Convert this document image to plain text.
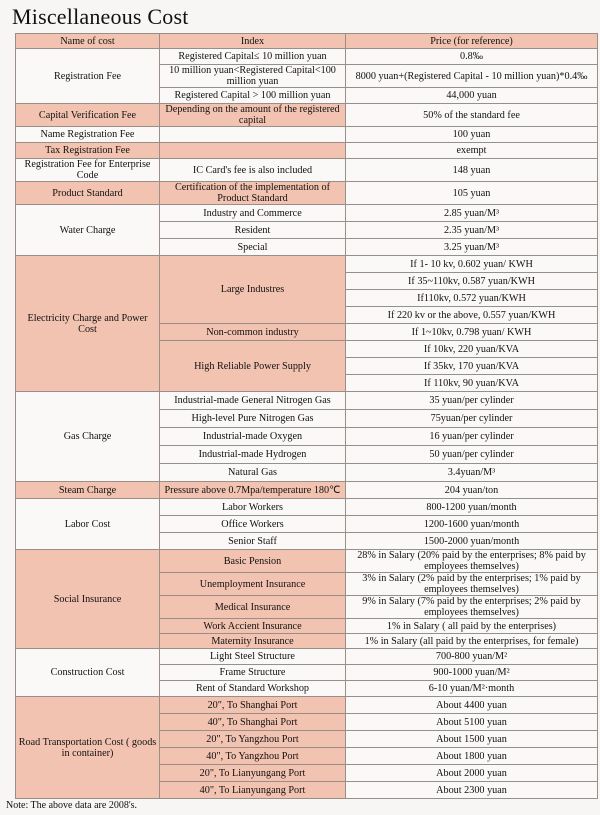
Miscellaneous Cost
Name of cost	Index	Price (for reference)
Registration Fee	Registered Capital≤ 10 million yuan	0.8‰
	10 million yuan<Registered Capital<100 million yuan	8000 yuan+(Registered Capital - 10 million yuan)*0.4‰
	Registered Capital > 100 million yuan	44,000 yuan
Capital Verification Fee	Depending on the amount of the registered capital	50% of the standard fee
Name Registration Fee		100 yuan
Tax Registration Fee		exempt
Registration Fee for Enterprise Code	IC Card's fee is also included	148 yuan
Product Standard	Certification of the implementation of Product Standard	105 yuan
Water Charge	Industry and Commerce	2.85 yuan/M³
	Resident	2.35 yuan/M³
	Special	3.25 yuan/M³
Electricity Charge and Power Cost	Large Industres	If 1- 10 kv, 0.602 yuan/ KWH
		If 35~110kv, 0.587 yuan/KWH
		If110kv, 0.572 yuan/KWH
		If 220 kv or the above, 0.557 yuan/KWH
	Non-common industry	If 1~10kv, 0.798 yuan/ KWH
	High Reliable Power Supply	If 10kv, 220 yuan/KVA
		If 35kv, 170 yuan/KVA
		If 110kv, 90 yuan/KVA
Gas Charge	Industrial-made General Nitrogen Gas	35 yuan/per cylinder
	High-level Pure Nitrogen Gas	75yuan/per cylinder
	Industrial-made Oxygen	16 yuan/per cylinder
	Industrial-made Hydrogen	50 yuan/per cylinder
	Natural Gas	3.4yuan/M³
Steam Charge	Pressure above 0.7Mpa/temperature 180℃	204 yuan/ton
Labor Cost	Labor Workers	800-1200 yuan/month
	Office Workers	1200-1600 yuan/month
	Senior Staff	1500-2000 yuan/month
Social Insurance	Basic Pension	28% in Salary (20% paid by the enterprises; 8% paid by employees themselves)
	Unemployment Insurance	3% in Salary (2% paid by the enterprises; 1% paid by employees themselves)
	Medical Insurance	9% in Salary (7% paid by the enterprises; 2% paid by employees themselves)
	Work Accient Insurance	1% in Salary ( all paid by the enterprises)
	Maternity Insurance	1% in Salary (all paid by the enterprises, for female)
Construction Cost	Light Steel Structure	700-800 yuan/M²
	Frame Structure	900-1000 yuan/M²
	Rent of Standard Workshop	6-10 yuan/M²·month
Road Transportation Cost ( goods in container)	20", To Shanghai Port	About 4400 yuan
	40", To Shanghai Port	About 5100 yuan
	20", To Yangzhou Port	About 1500 yuan
	40", To Yangzhou Port	About 1800 yuan
	20", To Lianyungang Port	About 2000 yuan
	40", To Lianyungang Port	About 2300 yuan
Note: The above data are 2008's.
